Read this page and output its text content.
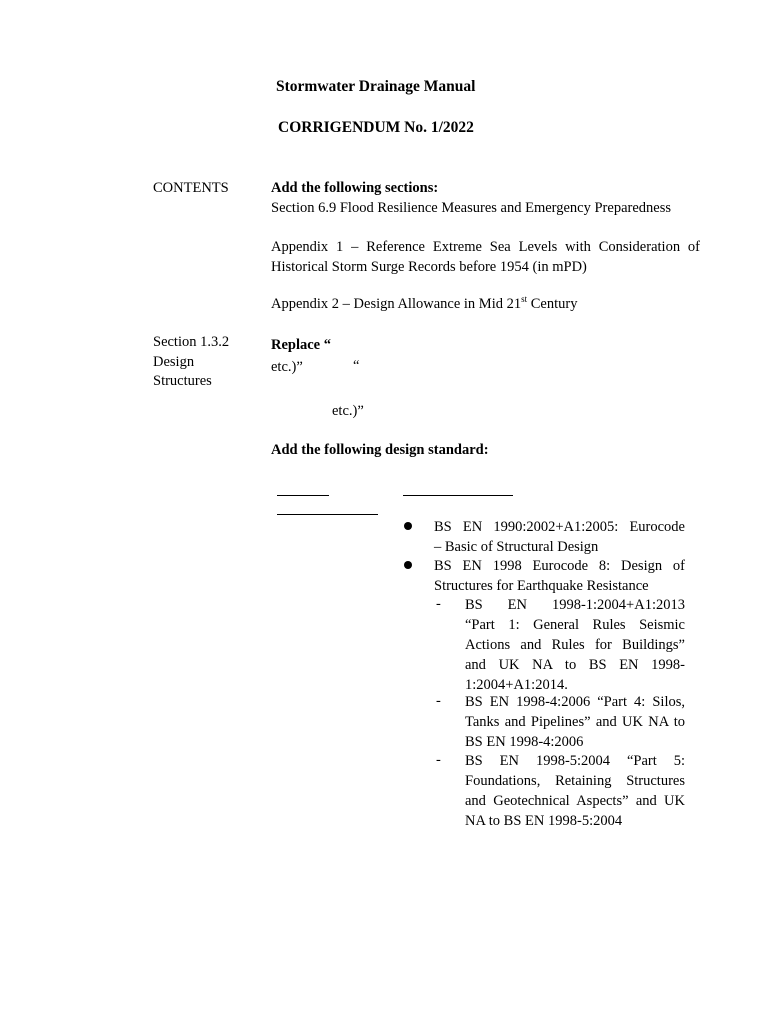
Stormwater Drainage Manual
CORRIGENDUM No. 1/2022
CONTENTS	Add the following sections:
Section 6.9 Flood Resilience Measures and Emergency Preparedness
Appendix 1 – Reference Extreme Sea Levels with Consideration of
Historical Storm Surge Records before 1954 (in mPD)
Appendix 2 – Design Allowance in Mid 21st Century
Section 1.3.2
Design
Structures
Replace “
etc.)”	“
etc.)”
Add the following design standard:
BS EN 1990:2002+A1:2005: Eurocode
– Basic of Structural Design
BS EN 1998 Eurocode 8: Design of
Structures for Earthquake Resistance
- BS EN 1998-1:2004+A1:2013
“Part 1: General Rules Seismic
Actions and Rules for Buildings”
and UK NA to BS EN 1998-
1:2004+A1:2014.
- BS EN 1998-4:2006 “Part 4: Silos,
Tanks and Pipelines” and UK NA to
BS EN 1998-4:2006
- BS EN 1998-5:2004 “Part 5:
Foundations, Retaining Structures
and Geotechnical Aspects” and UK
NA to BS EN 1998-5:2004
